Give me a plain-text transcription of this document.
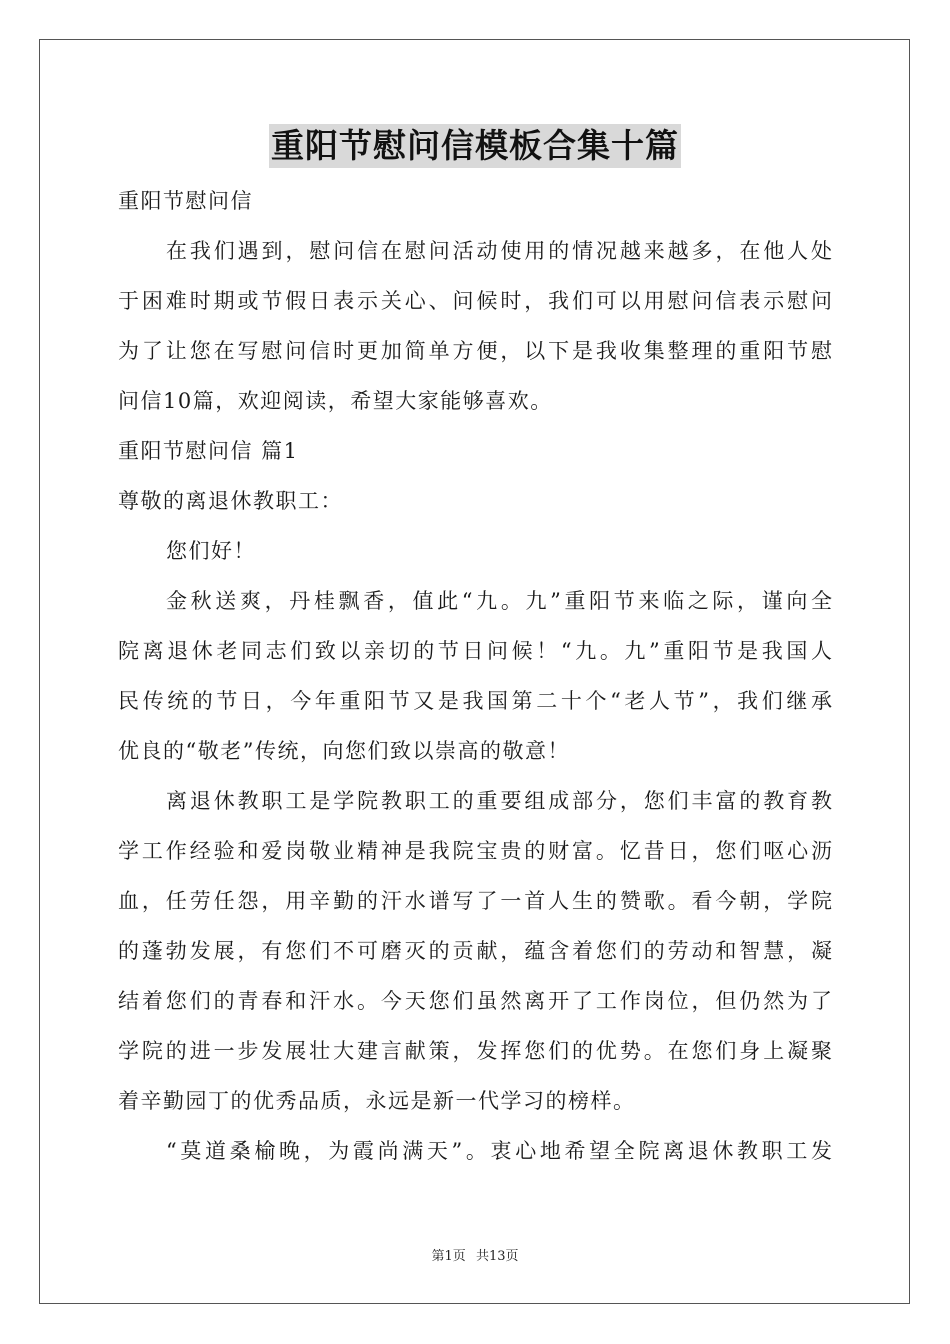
重阳节慰问信模板合集十篇
重阳节慰问信
在我们遇到，慰问信在慰问活动使用的情况越来越多，在他人处
于困难时期或节假日表示关心、问候时，我们可以用慰问信表示慰问
为了让您在写慰问信时更加简单方便，以下是我收集整理的重阳节慰
问信10篇，欢迎阅读，希望大家能够喜欢。
重阳节慰问信 篇1
尊敬的离退休教职工：
您们好！
金秋送爽，丹桂飘香，值此“九。九”重阳节来临之际，谨向全
院离退休老同志们致以亲切的节日问候！“九。九”重阳节是我国人
民传统的节日，今年重阳节又是我国第二十个“老人节”，我们继承
优良的“敬老”传统，向您们致以崇高的敬意！
离退休教职工是学院教职工的重要组成部分，您们丰富的教育教
学工作经验和爱岗敬业精神是我院宝贵的财富。忆昔日，您们呕心沥
血，任劳任怨，用辛勤的汗水谱写了一首人生的赞歌。看今朝，学院
的蓬勃发展，有您们不可磨灭的贡献，蕴含着您们的劳动和智慧，凝
结着您们的青春和汗水。今天您们虽然离开了工作岗位，但仍然为了
学院的进一步发展壮大建言献策，发挥您们的优势。在您们身上凝聚
着辛勤园丁的优秀品质，永远是新一代学习的榜样。
“莫道桑榆晚，为霞尚满天”。衷心地希望全院离退休教职工发
第1页 共13页
